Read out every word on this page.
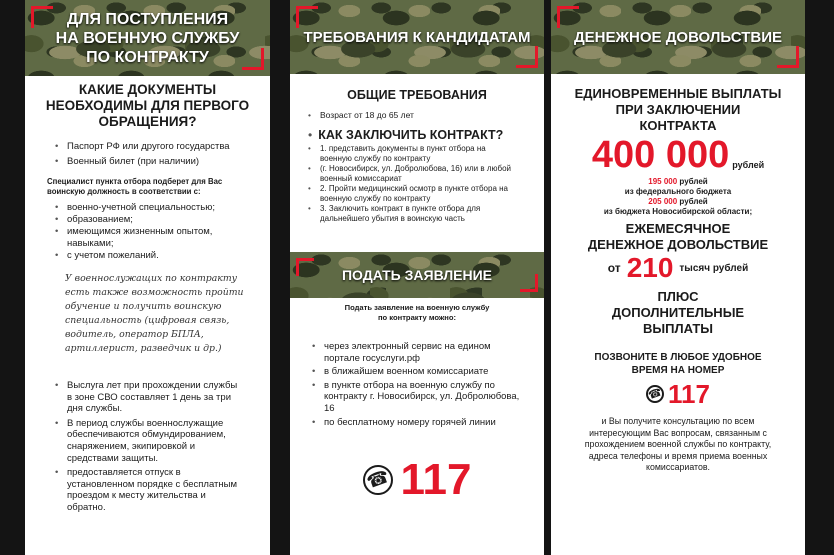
ДЛЯ ПОСТУПЛЕНИЯ
НА ВОЕННУЮ СЛУЖБУ
ПО КОНТРАКТУ
КАКИЕ ДОКУМЕНТЫ
НЕОБХОДИМЫ ДЛЯ ПЕРВОГО
ОБРАЩЕНИЯ?
• Паспорт РФ или другого государства
• Военный билет (при наличии)
Специалист пункта отбора подберет для Вас воинскую должность в соответствии с:
• военно-учетной специальностью;
• образованием;
• имеющимся жизненным опытом, навыками;
• с учетом пожеланий.
У военнослужащих по контракту есть также возможность пройти обучение и получить воинскую специальность (цифровая связь, водитель, оператор БПЛА, артиллерист, разведчик и др.)
• Выслуга лет при прохождении службы в зоне СВО составляет 1 день за три дня службы.
• В период службы военнослужащие обеспечиваются обмундированием, снаряжением, экипировкой и средствами защиты.
• предоставляется отпуск в установленном порядке с бесплатным проездом к месту жительства и обратно.
ТРЕБОВАНИЯ К КАНДИДАТАМ
ОБЩИЕ ТРЕБОВАНИЯ
• Возраст от 18 до 65 лет
• КАК ЗАКЛЮЧИТЬ КОНТРАКТ?
• 1. представить документы в пункт отбора на военную службу по контракту
• (г. Новосибирск, ул. Добролюбова, 16) или в любой военный комиссариат
• 2. Пройти медицинский осмотр в пункте отбора на военную службу по контракту
• 3. Заключить контракт в пункте отбора для дальнейшего убытия в воинскую часть
ПОДАТЬ ЗАЯВЛЕНИЕ
Подать заявление на военную службу
по контракту можно:
• через электронный сервис на едином портале госуслуги.рф
• в ближайшем военном комиссариате
• в пункте отбора на военную службу по контракту г. Новосибирск, ул. Добролюбова, 16
• по бесплатному номеру горячей линии
☎
117
ДЕНЕЖНОЕ ДОВОЛЬСТВИЕ
ЕДИНОВРЕМЕННЫЕ ВЫПЛАТЫ
ПРИ ЗАКЛЮЧЕНИИ
КОНТРАКТА
400 000 рублей
195 000 рублей
из федерального бюджета
205 000 рублей
из бюджета Новосибирской области;
ЕЖЕМЕСЯЧНОЕ
ДЕНЕЖНОЕ ДОВОЛЬСТВИЕ
от 210 тысяч рублей
ПЛЮС
ДОПОЛНИТЕЛЬНЫЕ
ВЫПЛАТЫ
ПОЗВОНИТЕ В ЛЮБОЕ УДОБНОЕ
ВРЕМЯ НА НОМЕР
☎
117
и Вы получите консультацию по всем интересующим Вас вопросам, связанным с прохождением военной службы по контракту, адреса телефоны и время приема военных комиссариатов.
